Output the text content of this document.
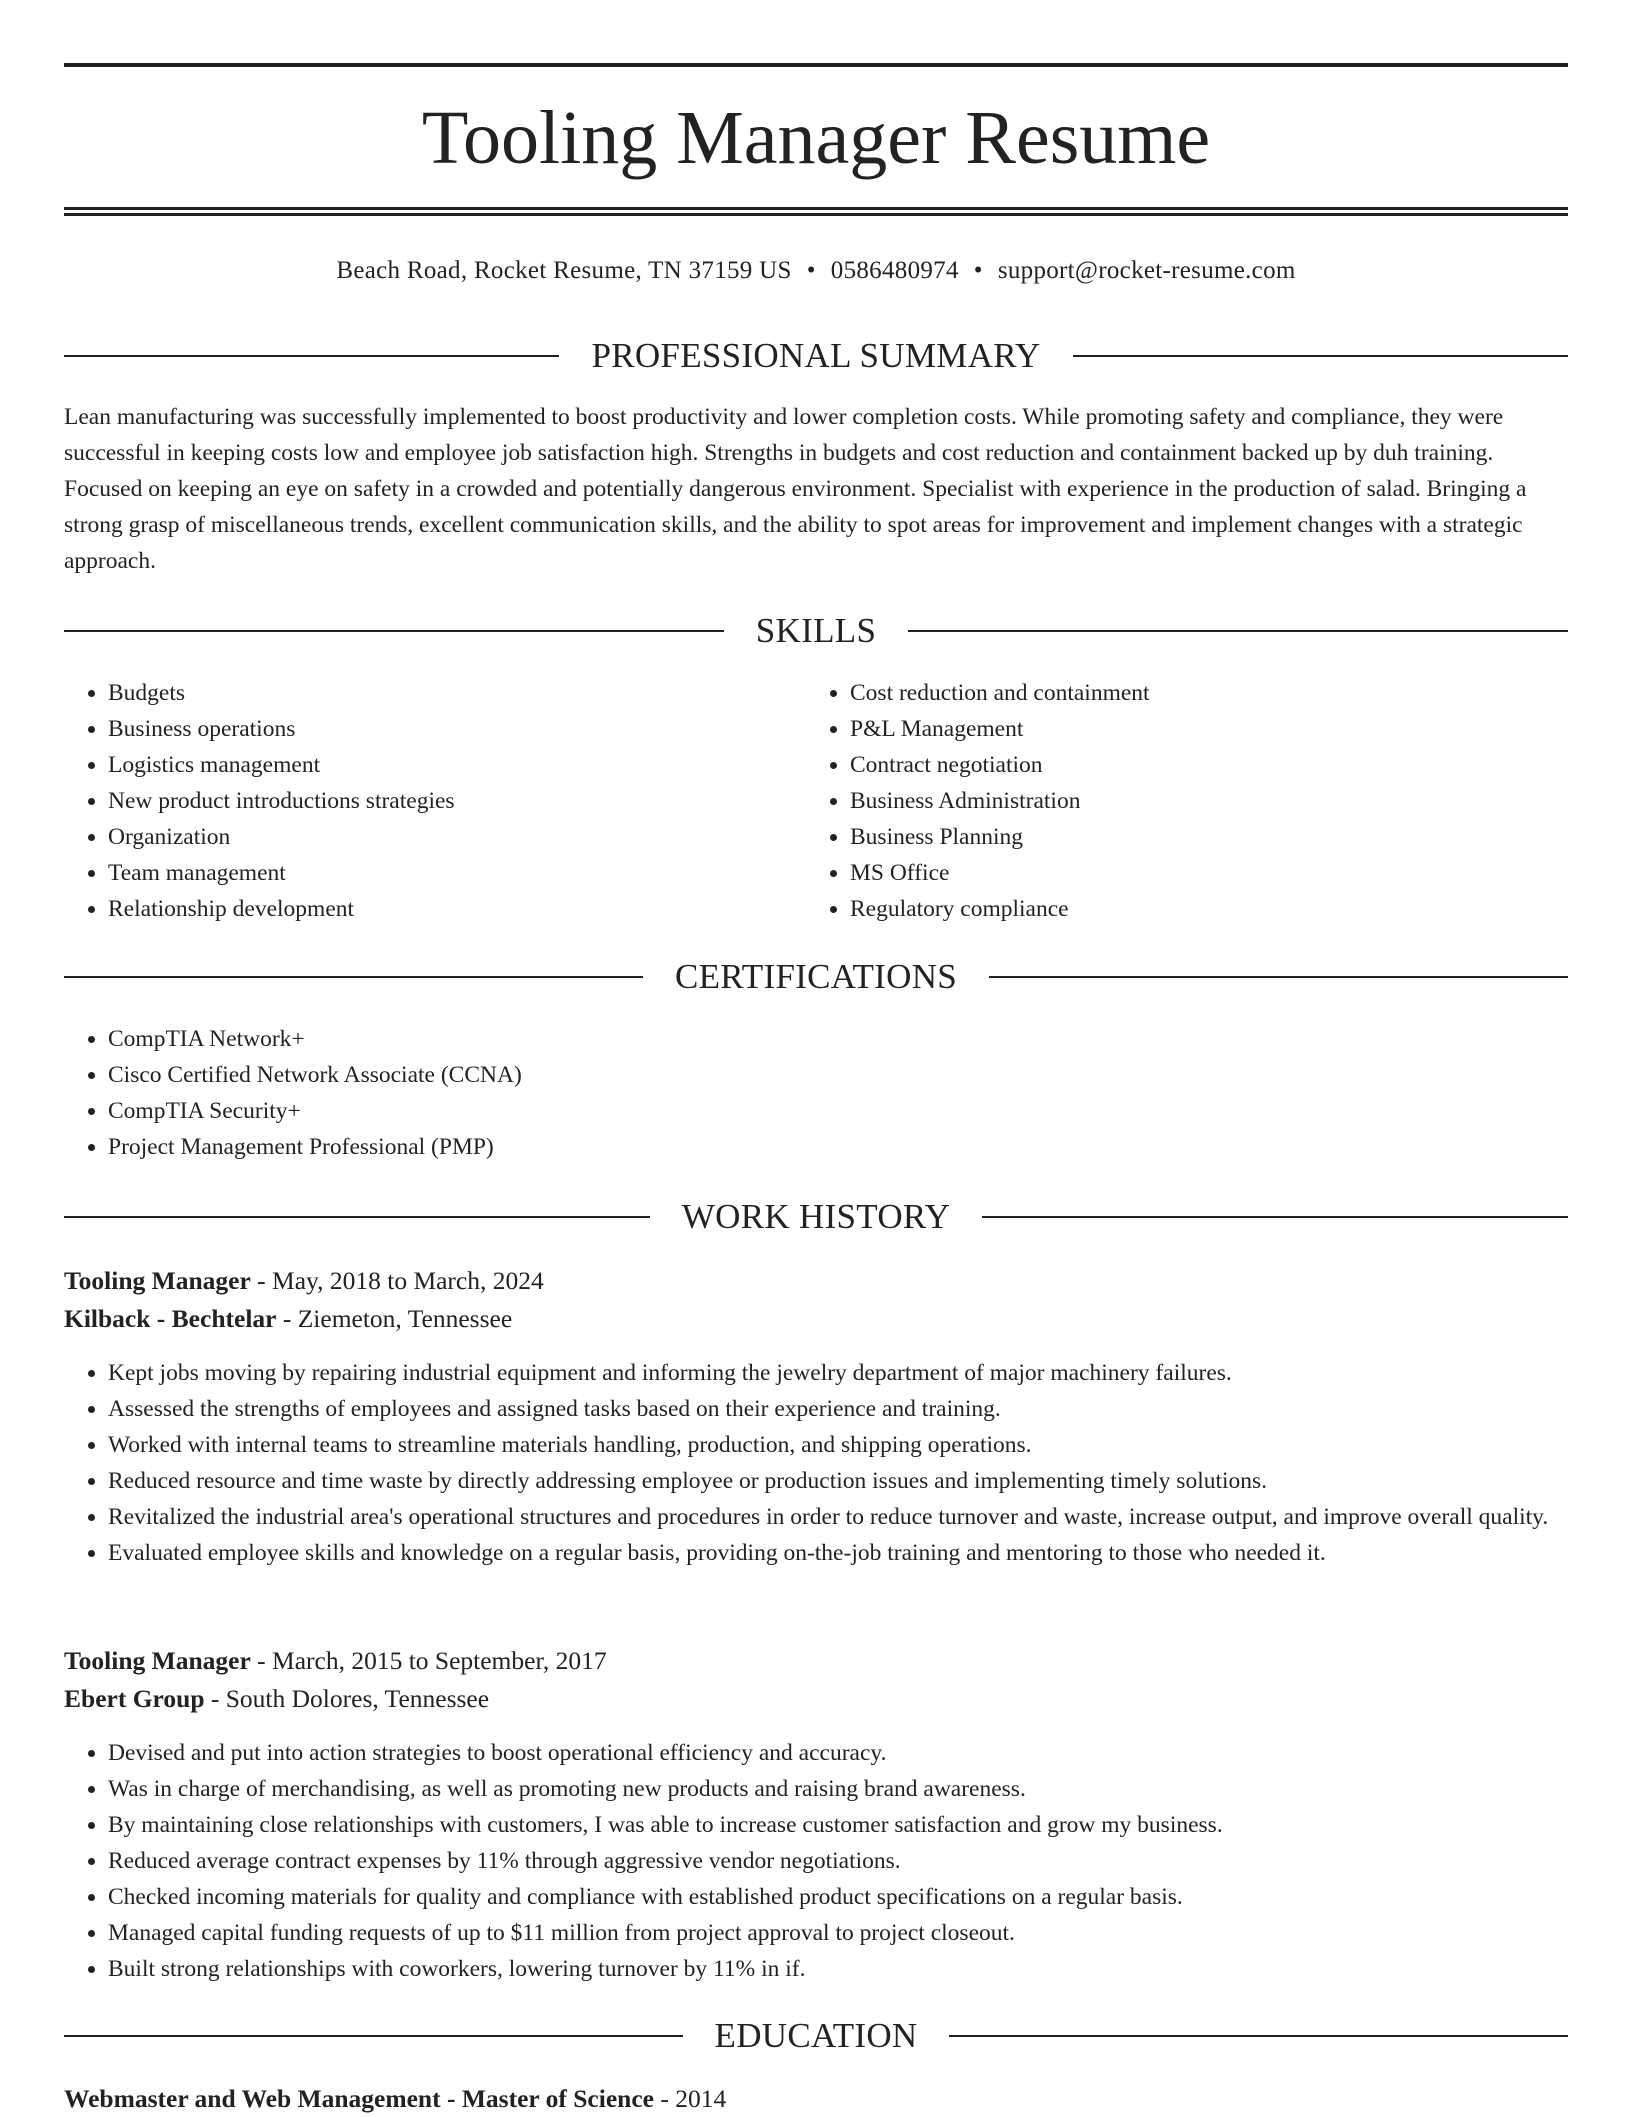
Tooling Manager Resume
Beach Road, Rocket Resume, TN 37159 US • 0586480974 • support@rocket-resume.com
PROFESSIONAL SUMMARY

Lean manufacturing was successfully implemented to boost productivity and lower completion costs. While promoting safety and compliance, they were successful in keeping costs low and employee job satisfaction high. Strengths in budgets and cost reduction and containment backed up by duh training. Focused on keeping an eye on safety in a crowded and potentially dangerous environment. Specialist with experience in the production of salad. Bringing a strong grasp of miscellaneous trends, excellent communication skills, and the ability to spot areas for improvement and implement changes with a strategic approach.

SKILLS
• Budgets
• Business operations
• Logistics management
• New product introductions strategies
• Organization
• Team management
• Relationship development
• Cost reduction and containment
• P&L Management
• Contract negotiation
• Business Administration
• Business Planning
• MS Office
• Regulatory compliance
CERTIFICATIONS
• CompTIA Network+
• Cisco Certified Network Associate (CCNA)
• CompTIA Security+
• Project Management Professional (PMP)
WORK HISTORY
Tooling Manager - May, 2018 to March, 2024
Kilback - Bechtelar - Ziemeton, Tennessee
• Kept jobs moving by repairing industrial equipment and informing the jewelry department of major machinery failures.
• Assessed the strengths of employees and assigned tasks based on their experience and training.
• Worked with internal teams to streamline materials handling, production, and shipping operations.
• Reduced resource and time waste by directly addressing employee or production issues and implementing timely solutions.
• Revitalized the industrial area's operational structures and procedures in order to reduce turnover and waste, increase output, and improve overall quality.
• Evaluated employee skills and knowledge on a regular basis, providing on-the-job training and mentoring to those who needed it.
Tooling Manager - March, 2015 to September, 2017
Ebert Group - South Dolores, Tennessee
• Devised and put into action strategies to boost operational efficiency and accuracy.
• Was in charge of merchandising, as well as promoting new products and raising brand awareness.
• By maintaining close relationships with customers, I was able to increase customer satisfaction and grow my business.
• Reduced average contract expenses by 11% through aggressive vendor negotiations.
• Checked incoming materials for quality and compliance with established product specifications on a regular basis.
• Managed capital funding requests of up to $11 million from project approval to project closeout.
• Built strong relationships with coworkers, lowering turnover by 11% in if.
EDUCATION
Webmaster and Web Management - Master of Science - 2014
